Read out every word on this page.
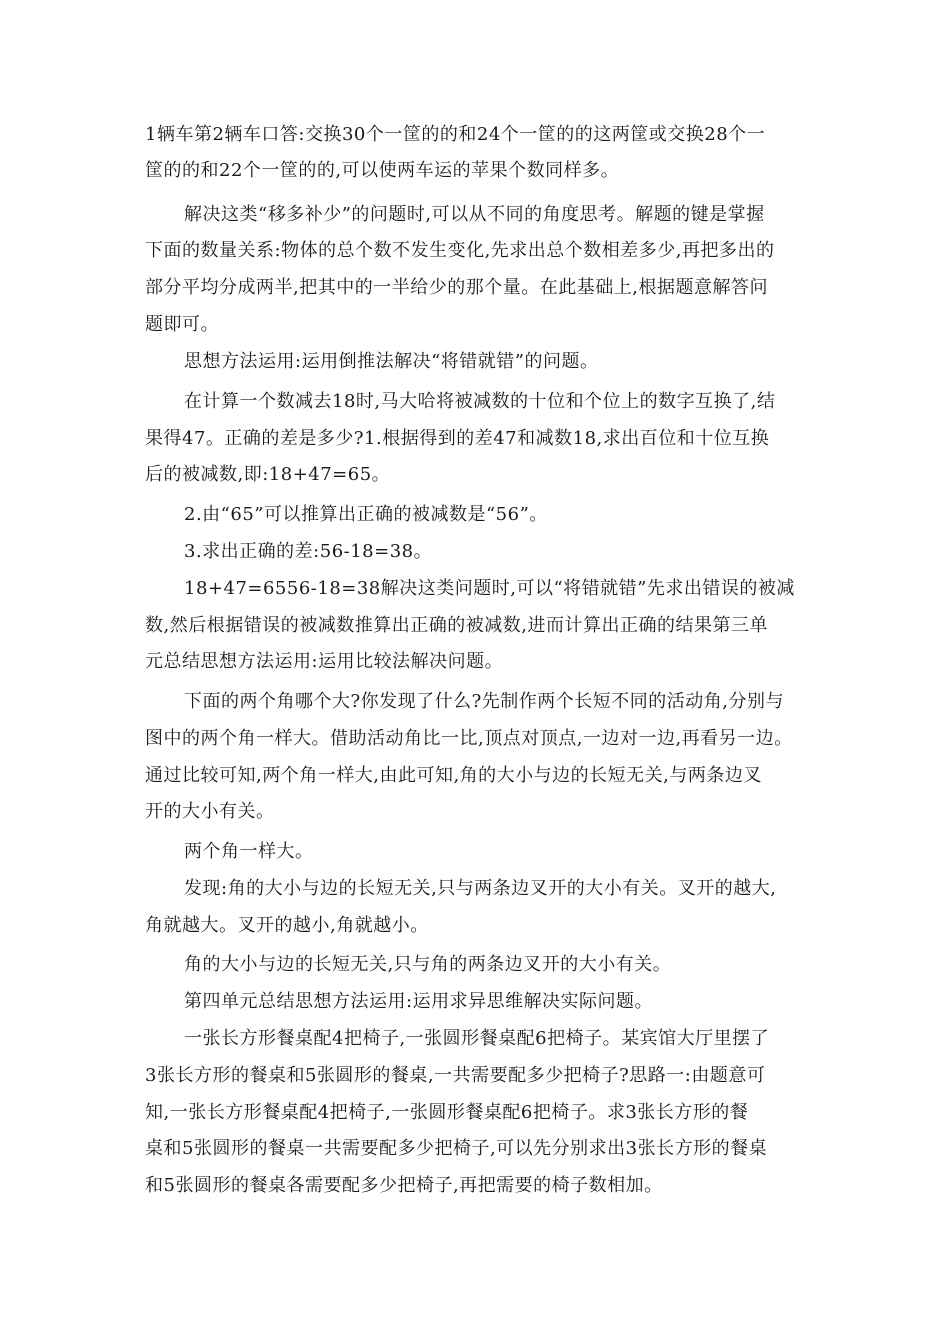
1辆车第2辆车口答:交换30个一筐的的和24个一筐的的这两筐或交换28个一
筐的的和22个一筐的的,可以使两车运的苹果个数同样多。
解决这类“移多补少”的问题时,可以从不同的角度思考。解题的键是掌握
下面的数量关系:物体的总个数不发生变化,先求出总个数相差多少,再把多出的
部分平均分成两半,把其中的一半给少的那个量。在此基础上,根据题意解答问
题即可。
思想方法运用:运用倒推法解决“将错就错”的问题。
在计算一个数减去18时,马大哈将被减数的十位和个位上的数字互换了,结
果得47。正确的差是多少?1.根据得到的差47和减数18,求出百位和十位互换
后的被减数,即:18+47=65。
2.由“65”可以推算出正确的被减数是“56”。
3.求出正确的差:56-18=38。
18+47=6556-18=38解决这类问题时,可以“将错就错”先求出错误的被减
数,然后根据错误的被减数推算出正确的被减数,进而计算出正确的结果第三单
元总结思想方法运用:运用比较法解决问题。
下面的两个角哪个大?你发现了什么?先制作两个长短不同的活动角,分别与
图中的两个角一样大。借助活动角比一比,顶点对顶点,一边对一边,再看另一边。
通过比较可知,两个角一样大,由此可知,角的大小与边的长短无关,与两条边叉
开的大小有关。
两个角一样大。
发现:角的大小与边的长短无关,只与两条边叉开的大小有关。叉开的越大,
角就越大。叉开的越小,角就越小。
角的大小与边的长短无关,只与角的两条边叉开的大小有关。
第四单元总结思想方法运用:运用求异思维解决实际问题。
一张长方形餐桌配4把椅子,一张圆形餐桌配6把椅子。某宾馆大厅里摆了
3张长方形的餐桌和5张圆形的餐桌,一共需要配多少把椅子?思路一:由题意可
知,一张长方形餐桌配4把椅子,一张圆形餐桌配6把椅子。求3张长方形的餐
桌和5张圆形的餐桌一共需要配多少把椅子,可以先分别求出3张长方形的餐桌
和5张圆形的餐桌各需要配多少把椅子,再把需要的椅子数相加。
